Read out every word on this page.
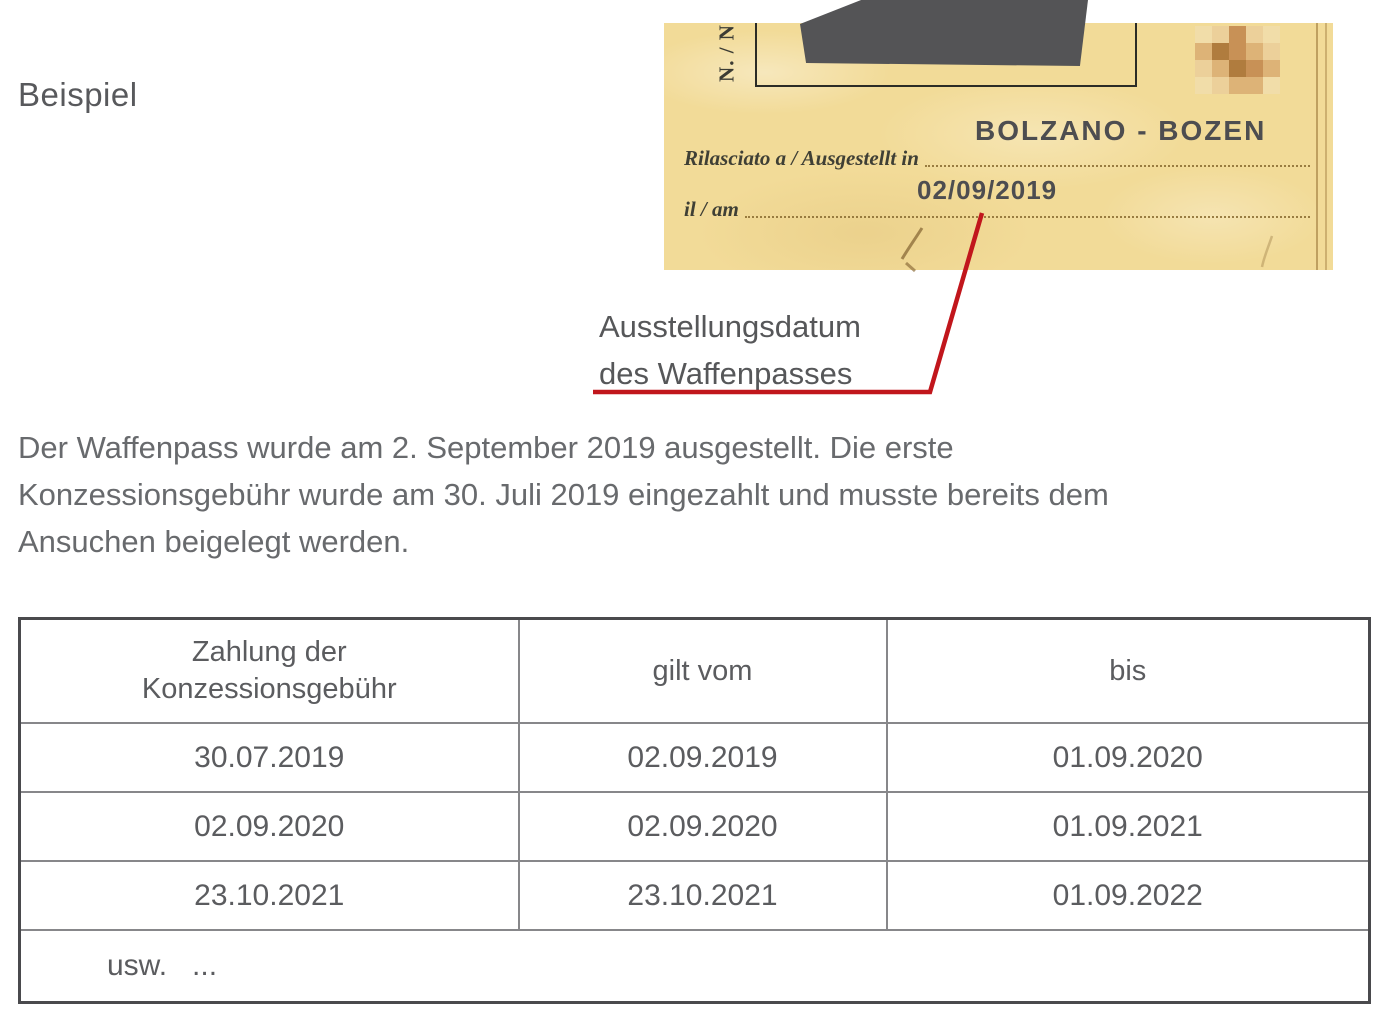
Beispiel
N. / N
Rilasciato a / Ausgestellt in
BOLZANO - BOZEN
il / am
02/09/2019
Ausstellungsdatum
des Waffenpasses
Der Waffenpass wurde am 2. September 2019 ausgestellt. Die erste
Konzessionsgebühr wurde am 30. Juli 2019 eingezahlt und musste bereits dem
Ansuchen beigelegt werden.
Zahlung der
Konzessionsgebühr	gilt vom	bis
30.07.2019	02.09.2019	01.09.2020
02.09.2020	02.09.2020	01.09.2021
23.10.2021	23.10.2021	01.09.2022
usw.   ...		
